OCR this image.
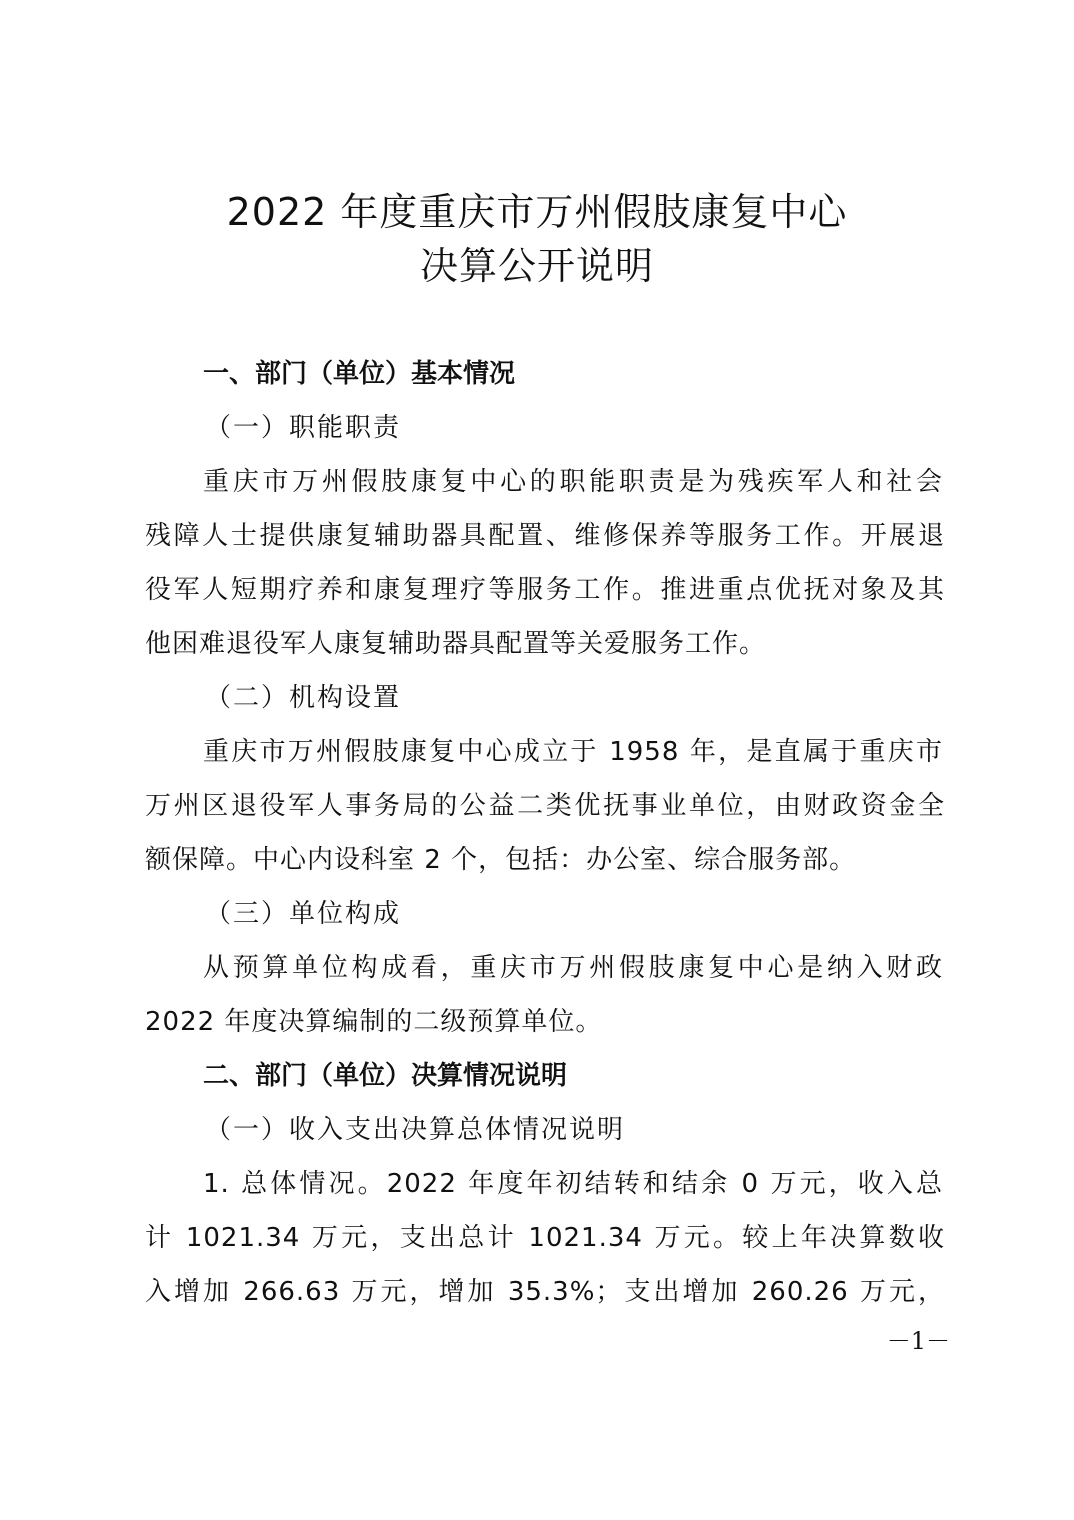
2022 年度重庆市万州假肢康复中心
决算公开说明
一、部门（单位）基本情况
（一）职能职责
重庆市万州假肢康复中心的职能职责是为残疾军人和社会
残障人士提供康复辅助器具配置、维修保养等服务工作。开展退
役军人短期疗养和康复理疗等服务工作。推进重点优抚对象及其
他困难退役军人康复辅助器具配置等关爱服务工作。
（二）机构设置
重庆市万州假肢康复中心成立于 1958 年，是直属于重庆市
万州区退役军人事务局的公益二类优抚事业单位，由财政资金全
额保障。中心内设科室 2 个，包括：办公室、综合服务部。
（三）单位构成
从预算单位构成看，重庆市万州假肢康复中心是纳入财政
2022 年度决算编制的二级预算单位。
二、部门（单位）决算情况说明
（一）收入支出决算总体情况说明
1. 总体情况。2022 年度年初结转和结余 0 万元，收入总
计 1021.34 万元，支出总计 1021.34 万元。较上年决算数收
入增加 266.63 万元，增加 35.3%；支出增加 260.26 万元，
－1－
